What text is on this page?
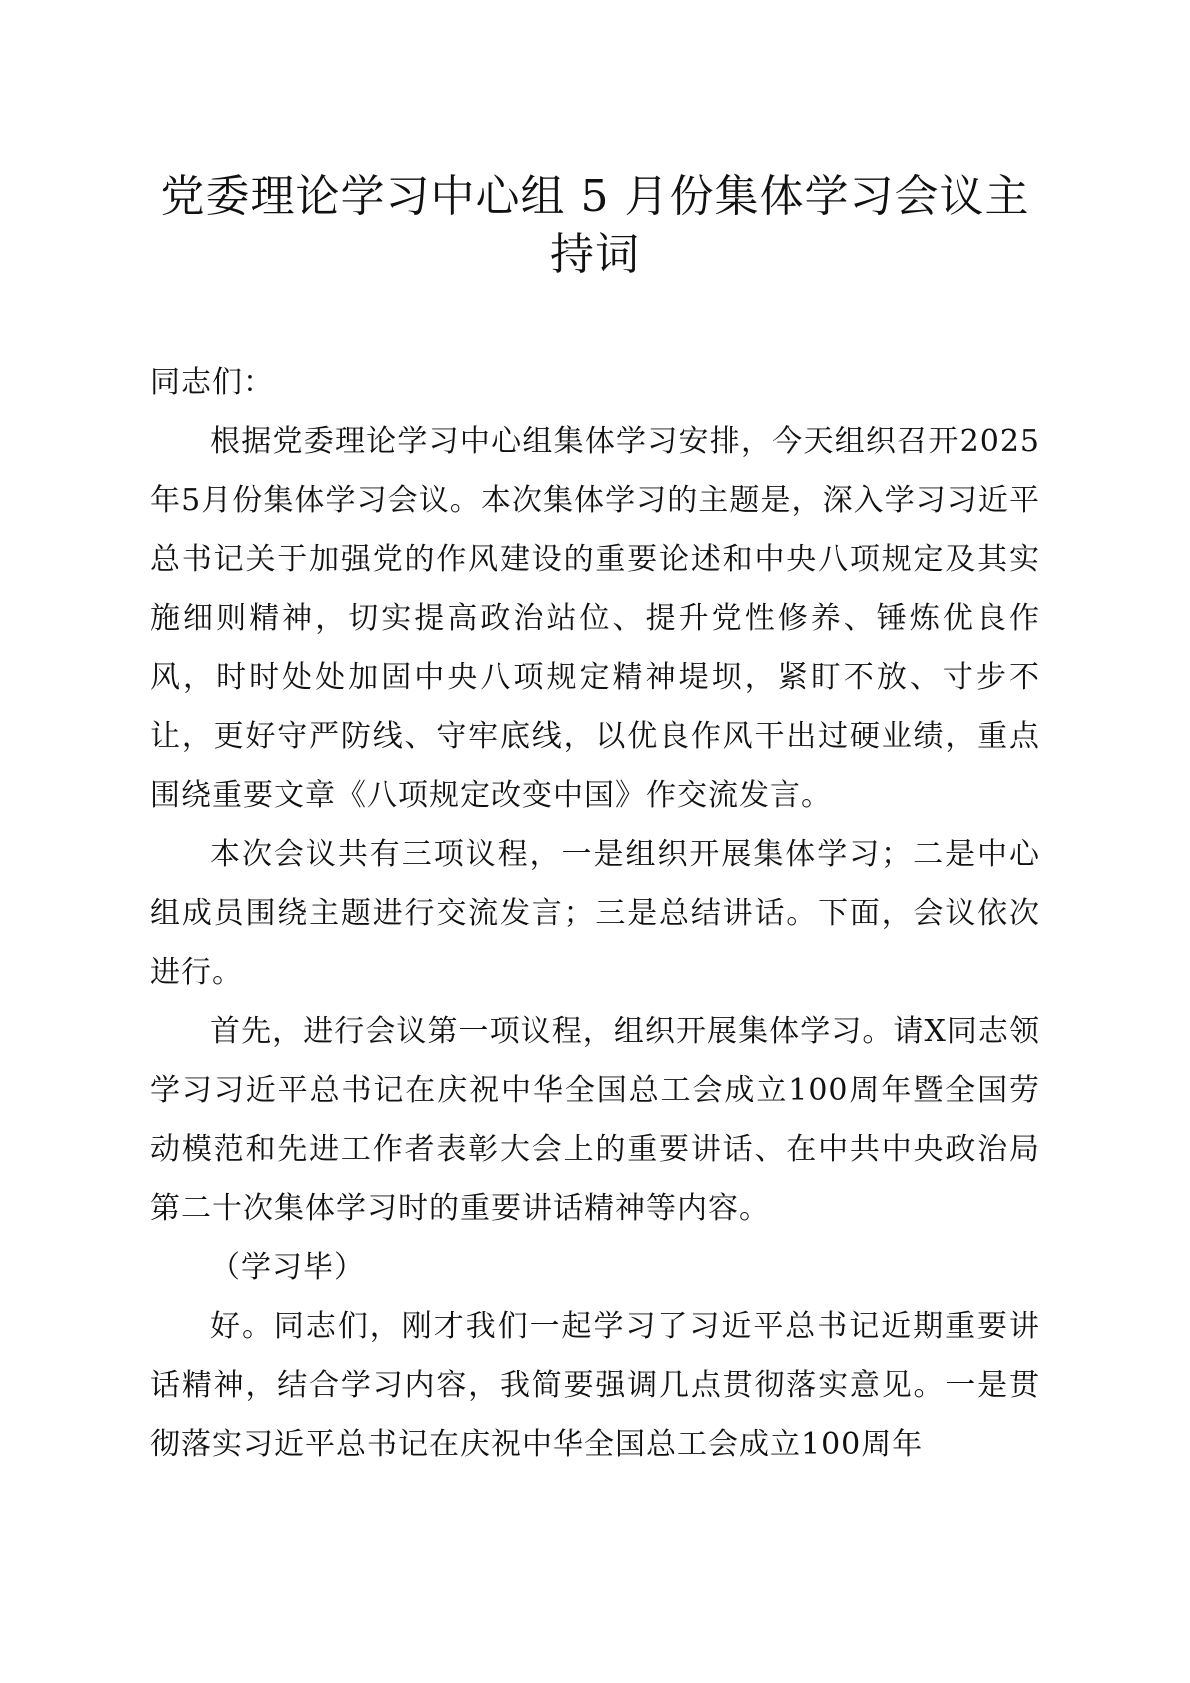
党委理论学习中心组 5 月份集体学习会议主持词

同志们：

根据党委理论学习中心组集体学习安排，今天组织召开2025年5月份集体学习会议。本次集体学习的主题是，深入学习习近平总书记关于加强党的作风建设的重要论述和中央八项规定及其实施细则精神，切实提高政治站位、提升党性修养、锤炼优良作风，时时处处加固中央八项规定精神堤坝，紧盯不放、寸步不让，更好守严防线、守牢底线，以优良作风干出过硬业绩，重点围绕重要文章《八项规定改变中国》作交流发言。

本次会议共有三项议程，一是组织开展集体学习；二是中心组成员围绕主题进行交流发言；三是总结讲话。下面，会议依次进行。

首先，进行会议第一项议程，组织开展集体学习。请X同志领学习习近平总书记在庆祝中华全国总工会成立100周年暨全国劳动模范和先进工作者表彰大会上的重要讲话、在中共中央政治局第二十次集体学习时的重要讲话精神等内容。

（学习毕）

好。同志们，刚才我们一起学习了习近平总书记近期重要讲话精神，结合学习内容，我简要强调几点贯彻落实意见。一是贯彻落实习近平总书记在庆祝中华全国总工会成立100周年
